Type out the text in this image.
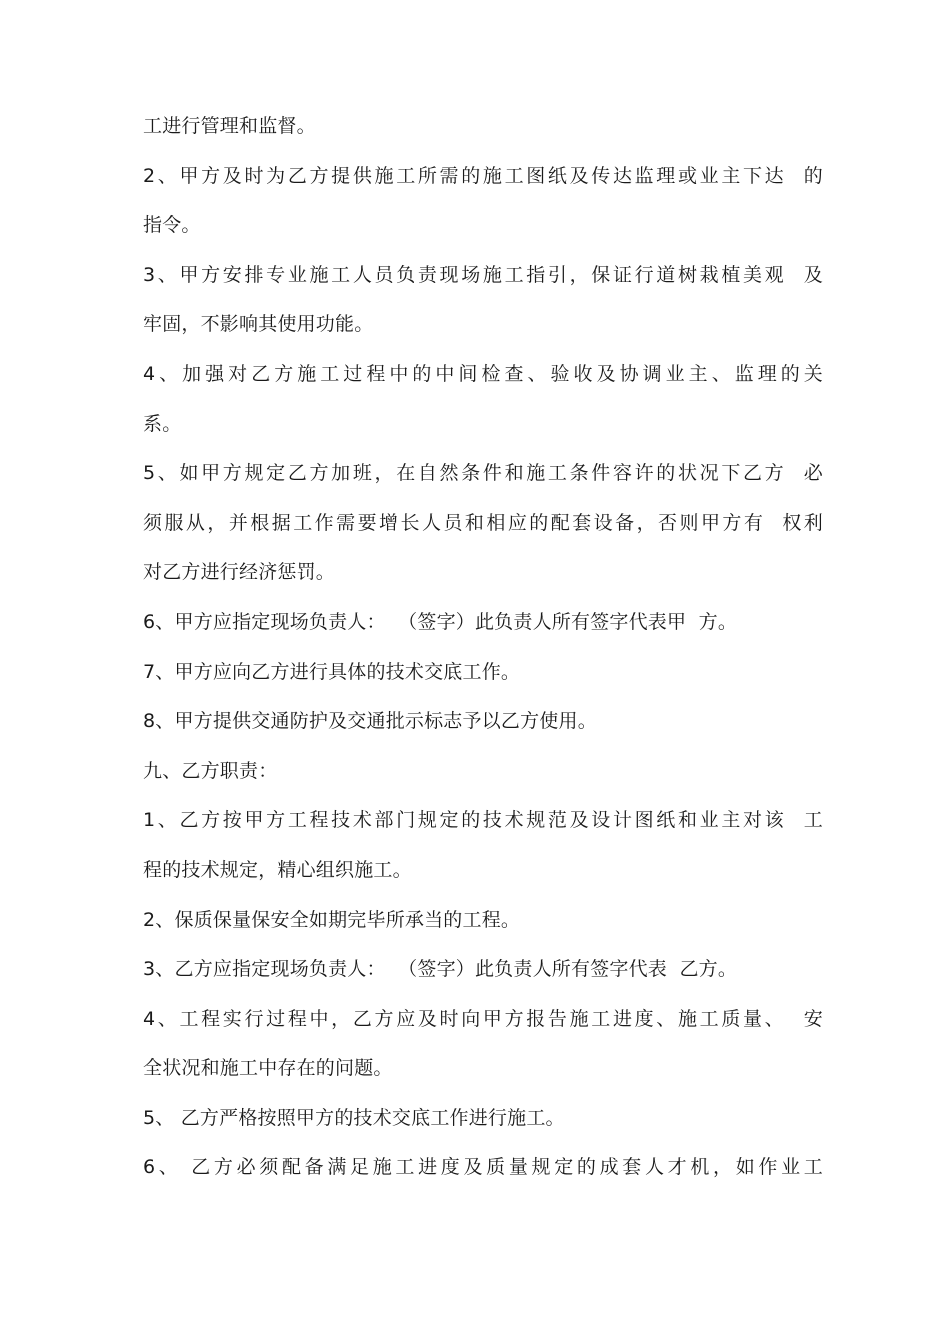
工进行管理和监督。
2、甲方及时为乙方提供施工所需的施工图纸及传达监理或业主下达  的
指令。
3、甲方安排专业施工人员负责现场施工指引，保证行道树栽植美观  及
牢固，不影响其使用功能。
4、加强对乙方施工过程中的中间检查、验收及协调业主、监理的关
系。
5、如甲方规定乙方加班，在自然条件和施工条件容许的状况下乙方  必
须服从，并根据工作需要增长人员和相应的配套设备，否则甲方有  权利
对乙方进行经济惩罚。
6、甲方应指定现场负责人：  （签字）此负责人所有签字代表甲  方。
7、甲方应向乙方进行具体的技术交底工作。
8、甲方提供交通防护及交通批示标志予以乙方使用。
九、乙方职责：
1、乙方按甲方工程技术部门规定的技术规范及设计图纸和业主对该  工
程的技术规定，精心组织施工。
2、保质保量保安全如期完毕所承当的工程。
3、乙方应指定现场负责人：  （签字）此负责人所有签字代表  乙方。
4、工程实行过程中，乙方应及时向甲方报告施工进度、施工质量、  安
全状况和施工中存在的问题。
5、 乙方严格按照甲方的技术交底工作进行施工。
6、 乙方必须配备满足施工进度及质量规定的成套人才机，如作业工
